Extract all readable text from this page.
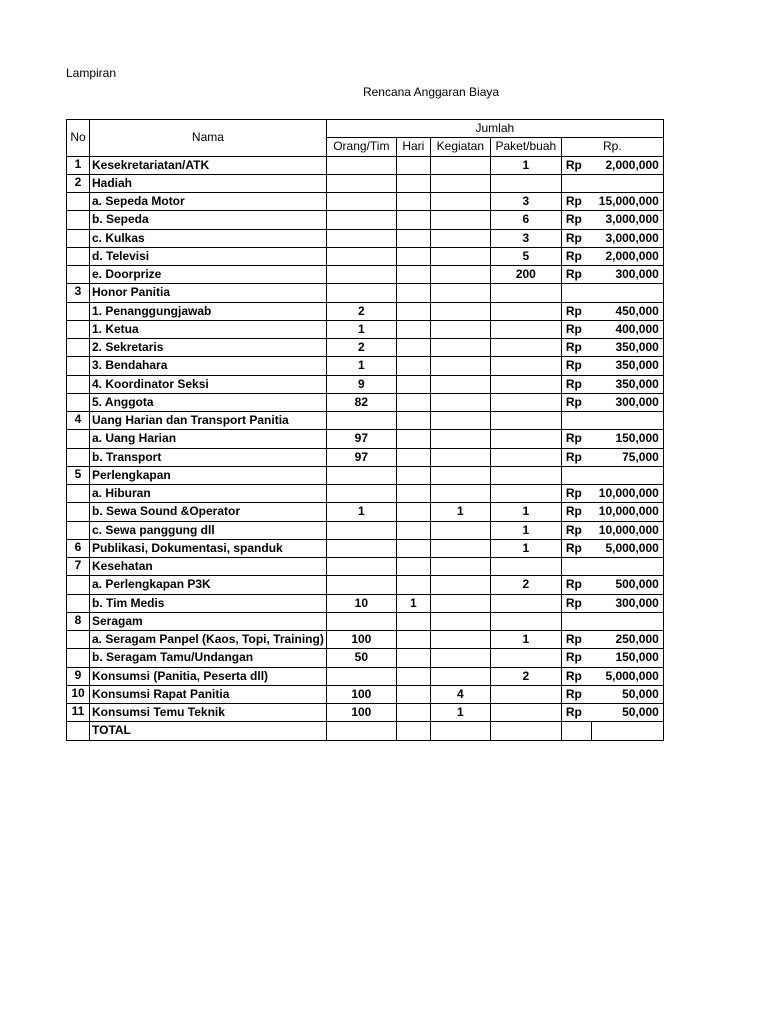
Lampiran
Rencana Anggaran Biaya
No	Nama	Jumlah					
		Orang/Tim	Hari	Kegiatan	Paket/buah	Rp.	
1	Kesekretariatan/ATK				1	Rp	2,000,000
2	Hadiah						
	a. Sepeda Motor				3	Rp	15,000,000
	b. Sepeda				6	Rp	3,000,000
	c. Kulkas				3	Rp	3,000,000
	d. Televisi				5	Rp	2,000,000
	e. Doorprize				200	Rp	300,000
3	Honor Panitia						
	1. Penanggungjawab	2				Rp	450,000
	1. Ketua	1				Rp	400,000
	2. Sekretaris	2				Rp	350,000
	3. Bendahara	1				Rp	350,000
	4. Koordinator Seksi	9				Rp	350,000
	5. Anggota	82				Rp	300,000
4	Uang Harian dan Transport Panitia						
	a. Uang Harian	97				Rp	150,000
	b. Transport	97				Rp	75,000
5	Perlengkapan						
	a. Hiburan					Rp	10,000,000
	b. Sewa Sound &Operator	1		1	1	Rp	10,000,000
	c. Sewa panggung dll				1	Rp	10,000,000
6	Publikasi, Dokumentasi, spanduk				1	Rp	5,000,000
7	Kesehatan						
	a. Perlengkapan P3K				2	Rp	500,000
	b. Tim Medis	10	1			Rp	300,000
8	Seragam						
	a. Seragam Panpel (Kaos, Topi, Training)	100			1	Rp	250,000
	b. Seragam Tamu/Undangan	50				Rp	150,000
9	Konsumsi (Panitia, Peserta dll)				2	Rp	5,000,000
10	Konsumsi Rapat Panitia	100		4		Rp	50,000
11	Konsumsi Temu Teknik	100		1		Rp	50,000
	TOTAL						
